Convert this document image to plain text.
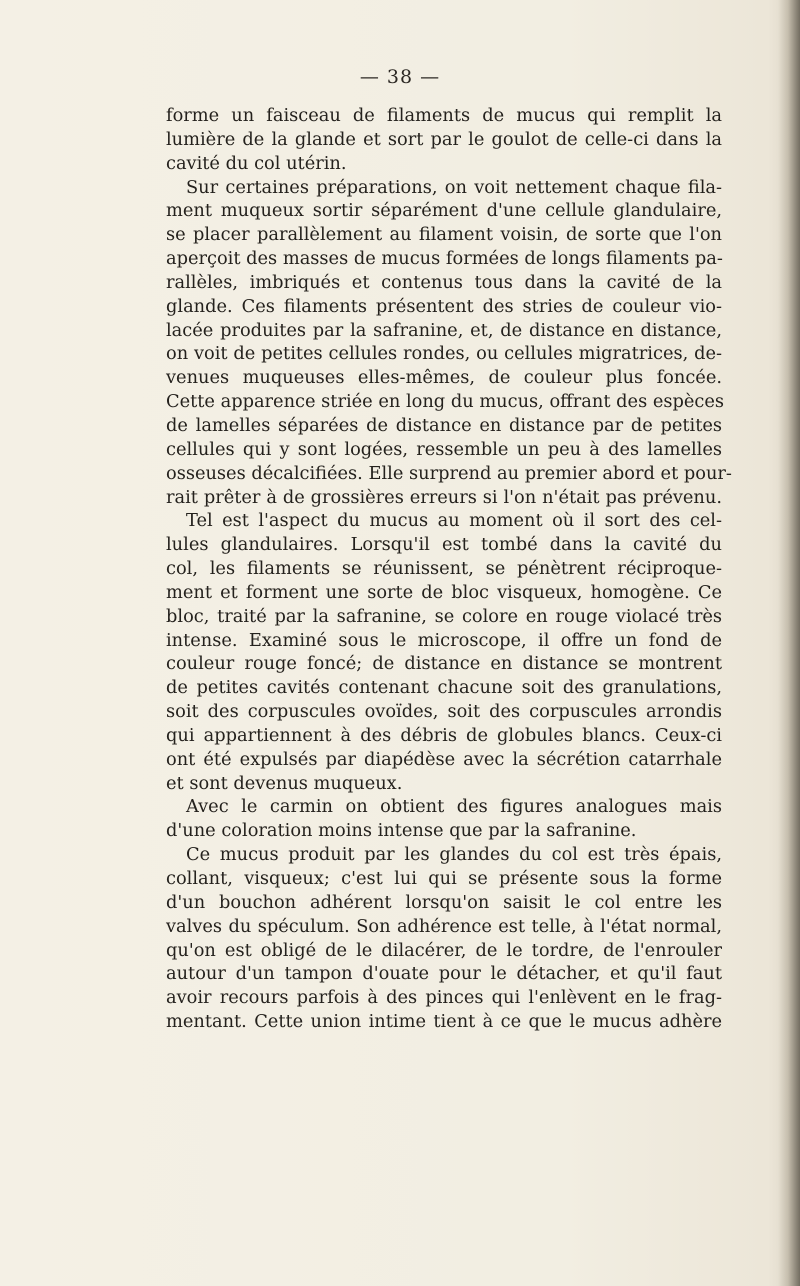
— 38 —
forme un faisceau de filaments de mucus qui remplit la
lumière de la glande et sort par le goulot de celle-ci dans la
cavité du col utérin.
Sur certaines préparations, on voit nettement chaque fila-
ment muqueux sortir séparément d'une cellule glandulaire,
se placer parallèlement au filament voisin, de sorte que l'on
aperçoit des masses de mucus formées de longs filaments pa-
rallèles, imbriqués et contenus tous dans la cavité de la
glande. Ces filaments présentent des stries de couleur vio-
lacée produites par la safranine, et, de distance en distance,
on voit de petites cellules rondes, ou cellules migratrices, de-
venues muqueuses elles-mêmes, de couleur plus foncée.
Cette apparence striée en long du mucus, offrant des espèces
de lamelles séparées de distance en distance par de petites
cellules qui y sont logées, ressemble un peu à des lamelles
osseuses décalcifiées. Elle surprend au premier abord et pour-
rait prêter à de grossières erreurs si l'on n'était pas prévenu.
Tel est l'aspect du mucus au moment où il sort des cel-
lules glandulaires. Lorsqu'il est tombé dans la cavité du
col, les filaments se réunissent, se pénètrent réciproque-
ment et forment une sorte de bloc visqueux, homogène. Ce
bloc, traité par la safranine, se colore en rouge violacé très
intense. Examiné sous le microscope, il offre un fond de
couleur rouge foncé; de distance en distance se montrent
de petites cavités contenant chacune soit des granulations,
soit des corpuscules ovoïdes, soit des corpuscules arrondis
qui appartiennent à des débris de globules blancs. Ceux-ci
ont été expulsés par diapédèse avec la sécrétion catarrhale
et sont devenus muqueux.
Avec le carmin on obtient des figures analogues mais
d'une coloration moins intense que par la safranine.
Ce mucus produit par les glandes du col est très épais,
collant, visqueux; c'est lui qui se présente sous la forme
d'un bouchon adhérent lorsqu'on saisit le col entre les
valves du spéculum. Son adhérence est telle, à l'état normal,
qu'on est obligé de le dilacérer, de le tordre, de l'enrouler
autour d'un tampon d'ouate pour le détacher, et qu'il faut
avoir recours parfois à des pinces qui l'enlèvent en le frag-
mentant. Cette union intime tient à ce que le mucus adhère
